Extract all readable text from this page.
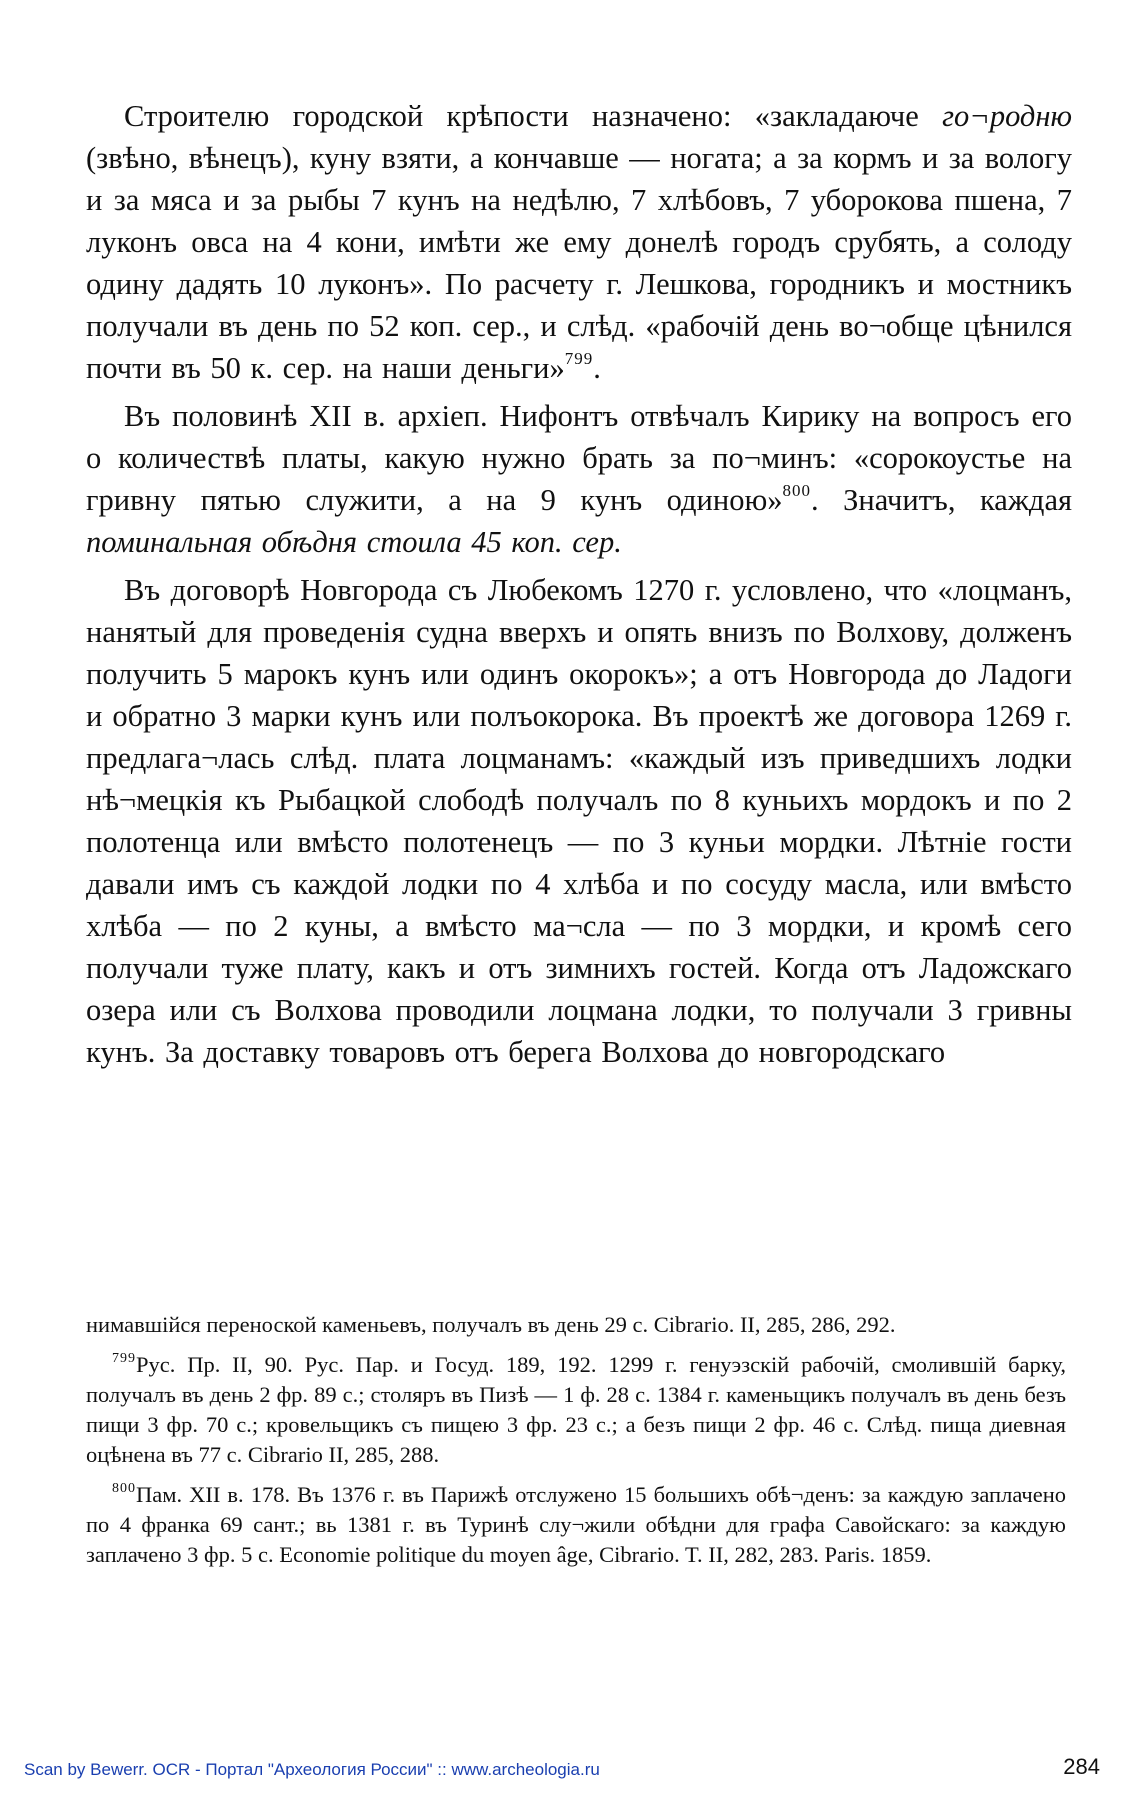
Строителю городской крѣпости назначено: «закладаюче го¬родню (звѣно, вѣнецъ), куну взяти, а кончавше — ногата; а за кормъ и за вологу и за мяса и за рыбы 7 кунъ на недѣлю, 7 хлѣбовъ, 7 уборокова пшена, 7 луконъ овса на 4 кони, имѣти же ему донелѣ городъ срубять, а солоду одину дадять 10 луконъ». По расчету г. Лешкова, городникъ и мостникъ получали въ день по 52 коп. сер., и слѣд. «рабочій день во¬обще цѣнился почти въ 50 к. сер. на наши деньги»$^{799}$.

Въ половинѣ XII в. архіеп. Нифонтъ отвѣчалъ Кирику на вопросъ его о количествѣ платы, какую нужно брать за по¬минъ: «сорокоустье на гривну пятью служити, а на 9 кунъ одиною»$^{800}$. Значитъ, каждая поминальная обѣдня стоила 45 коп. сер.

Въ договорѣ Новгорода съ Любекомъ 1270 г. условлено, что «лоцманъ, нанятый для проведенія судна вверхъ и опять внизъ по Волхову, долженъ получить 5 марокъ кунъ или одинъ окорокъ»; а отъ Новгорода до Ладоги и обратно 3 марки кунъ или полъокорока. Въ проектѣ же договора 1269 г. предлага¬лась слѣд. плата лоцманамъ: «каждый изъ приведшихъ лодки нѣ¬мецкія къ Рыбацкой слободѣ получалъ по 8 куньихъ мордокъ и по 2 полотенца или вмѣсто полотенецъ — по 3 куньи мордки. Лѣтніе гости давали имъ съ каждой лодки по 4 хлѣба и по сосуду масла, или вмѣсто хлѣба — по 2 куны, а вмѣсто ма¬сла — по 3 мордки, и кромѣ сего получали туже плату, какъ и отъ зимнихъ гостей. Когда отъ Ладожскаго озера или съ Волхова проводили лоцмана лодки, то получали 3 гривны кунъ. За доставку товаровъ отъ берега Волхова до новгородскаго

нимавшійся переноской каменьевъ, получалъ въ день 29 с. Cibrario. II, 285, 286, 292.

$^{799}$Рус. Пр. II, 90. Рус. Пар. и Госуд. 189, 192. 1299 г. генуэзскій рабочій, смолившій барку, получалъ въ день 2 фр. 89 с.; столяръ въ Пизѣ — 1 ф. 28 с. 1384 г. каменьщикъ получалъ въ день безъ пищи 3 фр. 70 с.; кровельщикъ съ пищею 3 фр. 23 с.; а безъ пищи 2 фр. 46 с. Слѣд. пища диевная оцѣнена въ 77 с. Cibrario II, 285, 288.

$^{800}$Пам. XII в. 178. Въ 1376 г. въ Парижѣ отслужено 15 большихъ обѣ¬денъ: за каждую заплачено по 4 франка 69 сант.; вь 1381 г. въ Туринѣ слу¬жили обѣдни для графа Савойскаго: за каждую заплачено 3 фр. 5 с. Economie politique du moyen âge, Cibrario. T. II, 282, 283. Paris. 1859.

Scan by Bewerr. OCR - Портал "Археология России" :: www.archeologia.ru	284
